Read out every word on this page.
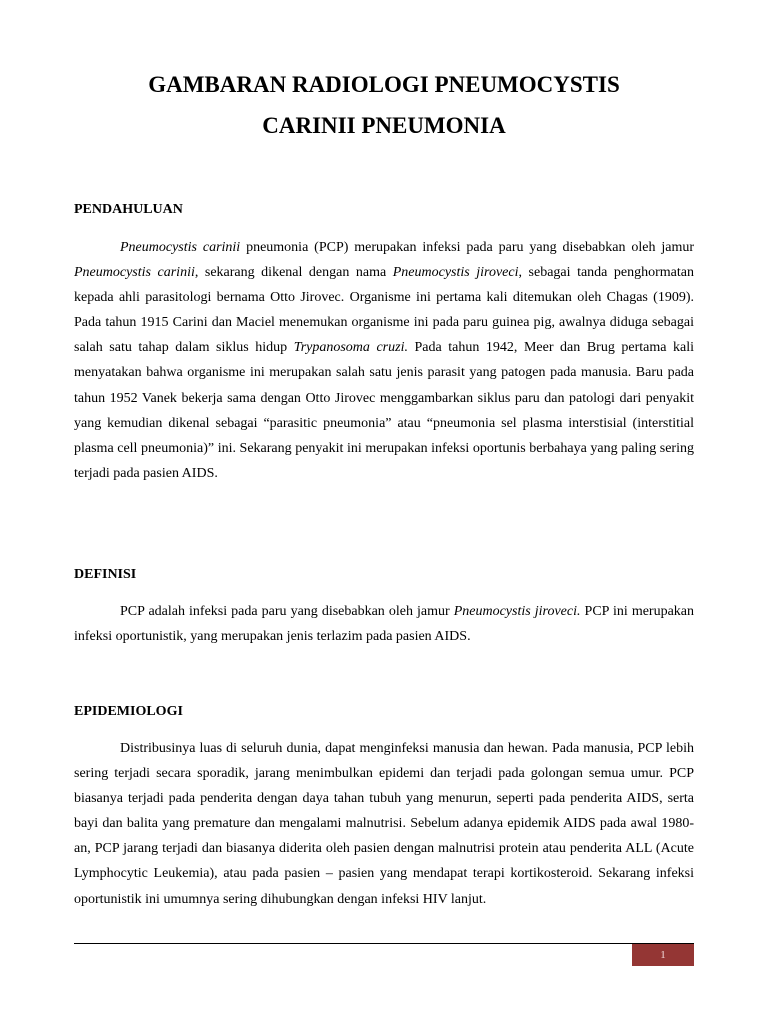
GAMBARAN RADIOLOGI PNEUMOCYSTIS
CARINII PNEUMONIA
PENDAHULUAN

Pneumocystis carinii pneumonia (PCP) merupakan infeksi pada paru yang disebabkan oleh jamur Pneumocystis carinii, sekarang dikenal dengan nama Pneumocystis jiroveci, sebagai tanda penghormatan kepada ahli parasitologi bernama Otto Jirovec. Organisme ini pertama kali ditemukan oleh Chagas (1909). Pada tahun 1915 Carini dan Maciel menemukan organisme ini pada paru guinea pig, awalnya diduga sebagai salah satu tahap dalam siklus hidup Trypanosoma cruzi. Pada tahun 1942, Meer dan Brug pertama kali menyatakan bahwa organisme ini merupakan salah satu jenis parasit yang patogen pada manusia. Baru pada tahun 1952 Vanek bekerja sama dengan Otto Jirovec menggambarkan siklus paru dan patologi dari penyakit yang kemudian dikenal sebagai “parasitic pneumonia” atau “pneumonia sel plasma interstisial (interstitial plasma cell pneumonia)” ini. Sekarang penyakit ini merupakan infeksi oportunis berbahaya yang paling sering terjadi pada pasien AIDS.

DEFINISI

PCP adalah infeksi pada paru yang disebabkan oleh jamur Pneumocystis jiroveci. PCP ini merupakan infeksi oportunistik, yang merupakan jenis terlazim pada pasien AIDS.

EPIDEMIOLOGI

Distribusinya luas di seluruh dunia, dapat menginfeksi manusia dan hewan. Pada manusia, PCP lebih sering terjadi secara sporadik, jarang menimbulkan epidemi dan terjadi pada golongan semua umur. PCP biasanya terjadi pada penderita dengan daya tahan tubuh yang menurun, seperti pada penderita AIDS, serta bayi dan balita yang premature dan mengalami malnutrisi. Sebelum adanya epidemik AIDS pada awal 1980-an, PCP jarang terjadi dan biasanya diderita oleh pasien dengan malnutrisi protein atau penderita ALL (Acute Lymphocytic Leukemia), atau pada pasien – pasien yang mendapat terapi kortikosteroid. Sekarang infeksi oportunistik ini umumnya sering dihubungkan dengan infeksi HIV lanjut.

1
